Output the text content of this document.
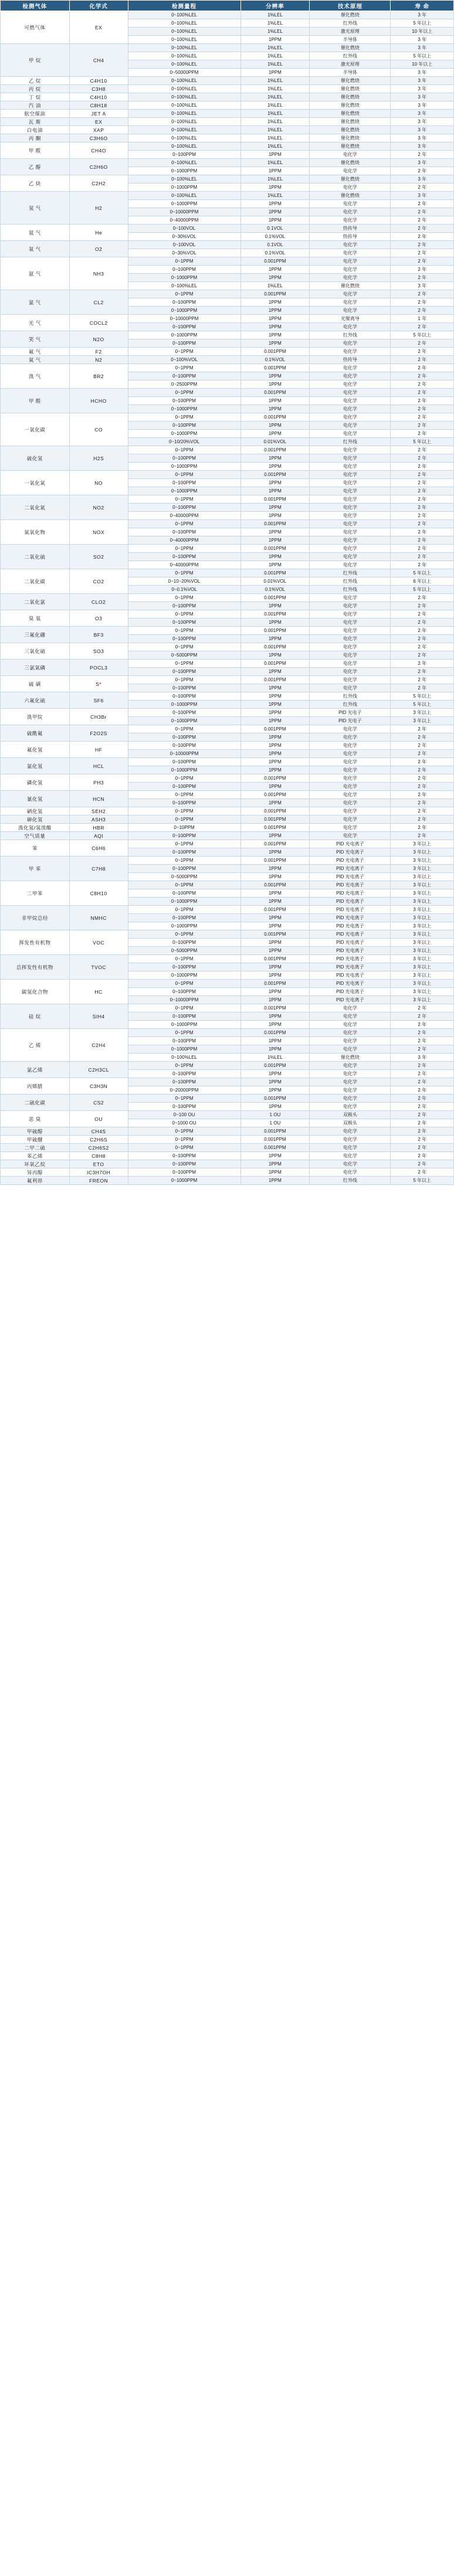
检测气体	化学式	检测量程	分辨率	技术原理	寿 命
可燃气体	EX	0~100%LEL	1%LEL	催化燃烧	3 年
		0~100%LEL	1%LEL	红外线	5 年以上
		0~100%LEL	1%LEL	激光原理	10 年以上
		0~100%LEL	1PPM	半导体	3 年
甲 烷	CH4	0~100%LEL	1%LEL	催化燃烧	3 年
		0~100%LEL	1%LEL	红外线	5 年以上
		0~100%LEL	1%LEL	激光原理	10 年以上
		0~50000PPM	1PPM	半导体	3 年
乙 烷	C4H10	0~100%LEL	1%LEL	催化燃烧	3 年
丙 烷	C3H8	0~100%LEL	1%LEL	催化燃烧	3 年
丁 烷	C4H10	0~100%LEL	1%LEL	催化燃烧	3 年
汽 油	C8H18	0~100%LEL	1%LEL	催化燃烧	3 年
航空煤油	JET A	0~100%LEL	1%LEL	催化燃烧	3 年
瓦 斯	EX	0~100%LEL	1%LEL	催化燃烧	3 年
白电油	XAP	0~100%LEL	1%LEL	催化燃烧	3 年
丙 酮	C3H6O	0~100%LEL	1%LEL	催化燃烧	3 年
甲 醛	CH4O	0~100%LEL	1%LEL	催化燃烧	3 年
		0~100PPM	1PPM	电化学	2 年
乙 醇	C2H6O	0~100%LEL	1%LEL	催化燃烧	3 年
		0~1000PPM	1PPM	电化学	2 年
乙 炔	C2H2	0~100%LEL	1%LEL	催化燃烧	3 年
		0~1000PPM	1PPM	电化学	2 年
氢 气	H2	0~100%LEL	1%LEL	催化燃烧	3 年
		0~1000PPM	1PPM	电化学	2 年
		0~10000PPM	1PPM	电化学	2 年
		0~40000PPM	1PPM	电化学	2 年
氦 气	He	0~100VOL	0.1VOL	热传导	2 年
		0~30%VOL	0.1%VOL	热传导	2 年
氧 气	O2	0~100VOL	0.1VOL	电化学	2 年
		0~30%VOL	0.1%VOL	电化学	2 年
氨 气	NH3	0~1PPM	0.001PPM	电化学	2 年
		0~100PPM	1PPM	电化学	2 年
		0~1000PPM	1PPM	电化学	2 年
		0~100%LEL	1%LEL	催化燃烧	3 年
氯 气	CL2	0~1PPM	0.001PPM	电化学	2 年
		0~100PPM	1PPM	电化学	2 年
		0~1000PPM	1PPM	电化学	2 年
光 气	COCL2	0~10000PPM	1PPM	光聚离导	1 年
		0~100PPM	1PPM	电化学	2 年
笑 气	N2O	0~1000PPM	1PPM	红外线	5 年以上
		0~100PPM	1PPM	电化学	2 年
氟 气	F2	0~1PPM	0.001PPM	电化学	2 年
氮 气	N2	0~100%VOL	0.1%VOL	热传导	2 年
溴 气	BR2	0~1PPM	0.001PPM	电化学	2 年
		0~100PPM	1PPM	电化学	2 年
		0~2500PPM	1PPM	电化学	2 年
甲 醛	HCHO	0~1PPM	0.001PPM	电化学	2 年
		0~100PPM	1PPM	电化学	2 年
		0~1000PPM	1PPM	电化学	2 年
一氧化碳	CO	0~1PPM	0.001PPM	电化学	2 年
		0~100PPM	1PPM	电化学	2 年
		0~1000PPM	1PPM	电化学	2 年
		0~10/20%VOL	0.01%VOL	红外线	5 年以上
硫化氢	H2S	0~1PPM	0.001PPM	电化学	2 年
		0~100PPM	1PPM	电化学	2 年
		0~1000PPM	1PPM	电化学	2 年
一氧化氮	NO	0~1PPM	0.001PPM	电化学	2 年
		0~100PPM	1PPM	电化学	2 年
		0~1000PPM	1PPM	电化学	2 年
二氧化氮	NO2	0~1PPM	0.001PPM	电化学	2 年
		0~100PPM	1PPM	电化学	2 年
		0~40000PPM	1PPM	电化学	2 年
氮氧化物	NOX	0~1PPM	0.001PPM	电化学	2 年
		0~100PPM	1PPM	电化学	2 年
		0~40000PPM	1PPM	电化学	2 年
二氧化硫	SO2	0~1PPM	0.001PPM	电化学	2 年
		0~100PPM	1PPM	电化学	2 年
		0~40000PPM	1PPM	电化学	2 年
二氧化碳	CO2	0~1PPM	0.001PPM	红外线	5 年以上
		0~10~20%VOL	0.01%VOL	红外线	6 年以上
		0~0.1%VOL	0.1%VOL	红外线	5 年以上
二氧化氯	CLO2	0~1PPM	0.001PPM	电化学	2 年
		0~100PPM	1PPM	电化学	2 年
臭 氧	O3	0~1PPM	0.001PPM	电化学	2 年
		0~100PPM	1PPM	电化学	2 年
三氟化硼	BF3	0~1PPM	0.001PPM	电化学	2 年
		0~100PPM	1PPM	电化学	2 年
三氧化硫	SO3	0~1PPM	0.001PPM	电化学	2 年
		0~5000PPM	1PPM	电化学	2 年
三氯氧磷	POCL3	0~1PPM	0.001PPM	电化学	2 年
		0~100PPM	1PPM	电化学	2 年
硫 磺	S*	0~1PPM	0.001PPM	电化学	2 年
		0~100PPM	1PPM	电化学	2 年
六氟化硫	SF6	0~100PPM	1PPM	红外线	5 年以上
		0~1000PPM	1PPM	红外线	5 年以上
溴甲烷	CH3Br	0~100PPM	1PPM	PID 光电子	3 年以上
		0~1000PPM	1PPM	PID 光电子	3 年以上
硫酰氟	F2O2S	0~1PPM	0.001PPM	电化学	2 年
		0~100PPM	1PPM	电化学	2 年
氟化氢	HF	0~100PPM	1PPM	电化学	2 年
		0~10000PPM	1PPM	电化学	2 年
氯化氢	HCL	0~100PPM	1PPM	电化学	2 年
		0~1000PPM	1PPM	电化学	2 年
磷化氢	PH3	0~1PPM	0.001PPM	电化学	2 年
		0~100PPM	1PPM	电化学	2 年
氰化氢	HCN	0~1PPM	0.001PPM	电化学	2 年
		0~100PPM	1PPM	电化学	2 年
硒化氢	SEH2	0~1PPM	0.001PPM	电化学	2 年
砷化氢	ASH3	0~1PPM	0.001PPM	电化学	2 年
溴化氢/氢溴酸	HBR	0~10PPM	0.001PPM	电化学	2 年
空气质量	AQI	0~100PPM	1PPM	电化学	2 年
苯	C6H6	0~1PPM	0.001PPM	PID 光电离子	3 年以上
		0~100PPM	1PPM	PID 光电离子	3 年以上
甲 苯	C7H8	0~1PPM	0.001PPM	PID 光电离子	3 年以上
		0~100PPM	1PPM	PID 光电离子	3 年以上
		0~5000PPM	1PPM	PID 光电离子	3 年以上
二甲苯	C8H10	0~1PPM	0.001PPM	PID 光电离子	3 年以上
		0~100PPM	1PPM	PID 光电离子	3 年以上
		0~1000PPM	1PPM	PID 光电离子	3 年以上
非甲烷总烃	NMHC	0~1PPM	0.001PPM	PID 光电离子	3 年以上
		0~100PPM	1PPM	PID 光电离子	3 年以上
		0~1000PPM	1PPM	PID 光电离子	3 年以上
挥发性有机物	VOC	0~1PPM	0.001PPM	PID 光电离子	3 年以上
		0~100PPM	1PPM	PID 光电离子	3 年以上
		0~5000PPM	1PPM	PID 光电离子	3 年以上
总挥发性有机物	TVOC	0~1PPM	0.001PPM	PID 光电离子	3 年以上
		0~100PPM	1PPM	PID 光电离子	3 年以上
		0~1000PPM	1PPM	PID 光电离子	3 年以上
碳氢化合物	HC	0~1PPM	0.001PPM	PID 光电离子	3 年以上
		0~100PPM	1PPM	PID 光电离子	3 年以上
		0~10000PPM	1PPM	PID 光电离子	3 年以上
硅 烷	SIH4	0~1PPM	0.001PPM	电化学	2 年
		0~100PPM	1PPM	电化学	2 年
		0~1000PPM	1PPM	电化学	2 年
乙 烯	C2H4	0~1PPM	0.001PPM	电化学	2 年
		0~100PPM	1PPM	电化学	2 年
		0~1000PPM	1PPM	电化学	2 年
		0~100%LEL	1%LEL	催化燃烧	3 年
氯乙烯	C2H3CL	0~1PPM	0.001PPM	电化学	2 年
		0~100PPM	1PPM	电化学	2 年
丙烯腈	C3H3N	0~100PPM	1PPM	电化学	2 年
		0~20000PPM	1PPM	电化学	2 年
二硫化碳	CS2	0~1PPM	0.001PPM	电化学	2 年
		0~100PPM	1PPM	电化学	2 年
恶 臭	OU	0~100 OU	1 OU	双极头	2 年
		0~1000 OU	1 OU	双极头	2 年
甲硫醇	CH4S	0~1PPM	0.001PPM	电化学	2 年
甲硫醚	C2H6S	0~1PPM	0.001PPM	电化学	2 年
二甲二硫	C2H6S2	0~1PPM	0.001PPM	电化学	2 年
苯乙烯	C8H8	0~100PPM	1PPM	电化学	2 年
环氧乙烷	ETO	0~100PPM	1PPM	电化学	2 年
异丙醇	IC3H7OH	0~100PPM	1PPM	电化学	2 年
氟利昂	FREON	0~1000PPM	1PPM	红外线	5 年以上
